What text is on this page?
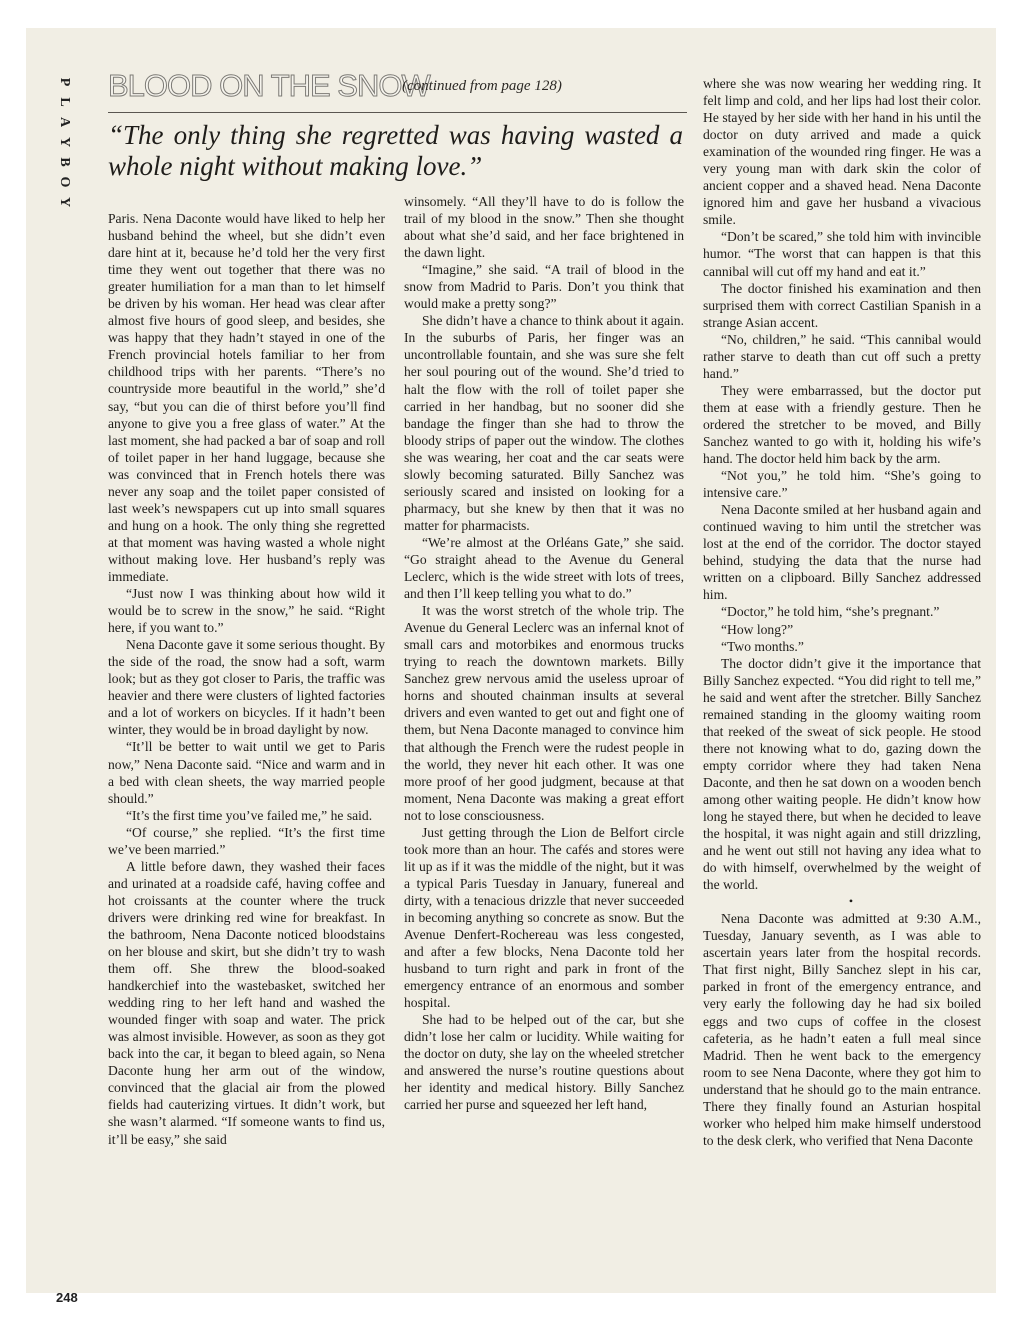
P
L
A
Y
B
O
Y
BLOOD ON THE SNOW
(continued from page 128)
“The only thing she regretted was having wasted a whole night without making love.”

Paris. Nena Daconte would have liked to help her husband behind the wheel, but she didn’t even dare hint at it, because he’d told her the very first time they went out together that there was no greater humiliation for a man than to let himself be driven by his woman. Her head was clear after almost five hours of good sleep, and besides, she was happy that they hadn’t stayed in one of the French provincial hotels familiar to her from childhood trips with her parents. “There’s no countryside more beautiful in the world,” she’d say, “but you can die of thirst before you’ll find anyone to give you a free glass of water.” At the last moment, she had packed a bar of soap and roll of toilet paper in her hand luggage, because she was convinced that in French hotels there was never any soap and the toilet paper consisted of last week’s newspapers cut up into small squares and hung on a hook. The only thing she regretted at that moment was having wasted a whole night without making love. Her husband’s reply was immediate.

“Just now I was thinking about how wild it would be to screw in the snow,” he said. “Right here, if you want to.”

Nena Daconte gave it some serious thought. By the side of the road, the snow had a soft, warm look; but as they got closer to Paris, the traffic was heavier and there were clusters of lighted factories and a lot of workers on bicycles. If it hadn’t been winter, they would be in broad daylight by now.

“It’ll be better to wait until we get to Paris now,” Nena Daconte said. “Nice and warm and in a bed with clean sheets, the way married people should.”

“It’s the first time you’ve failed me,” he said.

“Of course,” she replied. “It’s the first time we’ve been married.”

A little before dawn, they washed their faces and urinated at a roadside café, having coffee and hot croissants at the counter where the truck drivers were drinking red wine for breakfast. In the bathroom, Nena Daconte noticed bloodstains on her blouse and skirt, but she didn’t try to wash them off. She threw the blood-soaked handkerchief into the wastebasket, switched her wedding ring to her left hand and washed the wounded finger with soap and water. The prick was almost invisible. However, as soon as they got back into the car, it began to bleed again, so Nena Daconte hung her arm out of the window, convinced that the glacial air from the plowed fields had cauterizing virtues. It didn’t work, but she wasn’t alarmed. “If someone wants to find us, it’ll be easy,” she said

winsomely. “All they’ll have to do is follow the trail of my blood in the snow.” Then she thought about what she’d said, and her face brightened in the dawn light.

“Imagine,” she said. “A trail of blood in the snow from Madrid to Paris. Don’t you think that would make a pretty song?”

She didn’t have a chance to think about it again. In the suburbs of Paris, her finger was an uncontrollable fountain, and she was sure she felt her soul pouring out of the wound. She’d tried to halt the flow with the roll of toilet paper she carried in her handbag, but no sooner did she bandage the finger than she had to throw the bloody strips of paper out the window. The clothes she was wearing, her coat and the car seats were slowly becoming saturated. Billy Sanchez was seriously scared and insisted on looking for a pharmacy, but she knew by then that it was no matter for pharmacists.

“We’re almost at the Orléans Gate,” she said. “Go straight ahead to the Avenue du General Leclerc, which is the wide street with lots of trees, and then I’ll keep telling you what to do.”

It was the worst stretch of the whole trip. The Avenue du General Leclerc was an infernal knot of small cars and motorbikes and enormous trucks trying to reach the downtown markets. Billy Sanchez grew nervous amid the useless uproar of horns and shouted chainman insults at several drivers and even wanted to get out and fight one of them, but Nena Daconte managed to convince him that although the French were the rudest people in the world, they never hit each other. It was one more proof of her good judgment, because at that moment, Nena Daconte was making a great effort not to lose consciousness.

Just getting through the Lion de Belfort circle took more than an hour. The cafés and stores were lit up as if it was the middle of the night, but it was a typical Paris Tuesday in January, funereal and dirty, with a tenacious drizzle that never succeeded in becoming anything so concrete as snow. But the Avenue Denfert-Rochereau was less congested, and after a few blocks, Nena Daconte told her husband to turn right and park in front of the emergency entrance of an enormous and somber hospital.

She had to be helped out of the car, but she didn’t lose her calm or lucidity. While waiting for the doctor on duty, she lay on the wheeled stretcher and answered the nurse’s routine questions about her identity and medical history. Billy Sanchez carried her purse and squeezed her left hand,

where she was now wearing her wedding ring. It felt limp and cold, and her lips had lost their color. He stayed by her side with her hand in his until the doctor on duty arrived and made a quick examination of the wounded ring finger. He was a very young man with dark skin the color of ancient copper and a shaved head. Nena Daconte ignored him and gave her husband a vivacious smile.

“Don’t be scared,” she told him with invincible humor. “The worst that can happen is that this cannibal will cut off my hand and eat it.”

The doctor finished his examination and then surprised them with correct Castilian Spanish in a strange Asian accent.

“No, children,” he said. “This cannibal would rather starve to death than cut off such a pretty hand.”

They were embarrassed, but the doctor put them at ease with a friendly gesture. Then he ordered the stretcher to be moved, and Billy Sanchez wanted to go with it, holding his wife’s hand. The doctor held him back by the arm.

“Not you,” he told him. “She’s going to intensive care.”

Nena Daconte smiled at her husband again and continued waving to him until the stretcher was lost at the end of the corridor. The doctor stayed behind, studying the data that the nurse had written on a clipboard. Billy Sanchez addressed him.

“Doctor,” he told him, “she’s pregnant.”

“How long?”

“Two months.”

The doctor didn’t give it the importance that Billy Sanchez expected. “You did right to tell me,” he said and went after the stretcher. Billy Sanchez remained standing in the gloomy waiting room that reeked of the sweat of sick people. He stood there not knowing what to do, gazing down the empty corridor where they had taken Nena Daconte, and then he sat down on a wooden bench among other waiting people. He didn’t know how long he stayed there, but when he decided to leave the hospital, it was night again and still drizzling, and he went out still not having any idea what to do with himself, overwhelmed by the weight of the world.

•

Nena Daconte was admitted at 9:30 A.M., Tuesday, January seventh, as I was able to ascertain years later from the hospital records. That first night, Billy Sanchez slept in his car, parked in front of the emergency entrance, and very early the following day he had six boiled eggs and two cups of coffee in the closest cafeteria, as he hadn’t eaten a full meal since Madrid. Then he went back to the emergency room to see Nena Daconte, where they got him to understand that he should go to the main entrance. There they finally found an Asturian hospital worker who helped him make himself understood to the desk clerk, who verified that Nena Daconte

248
